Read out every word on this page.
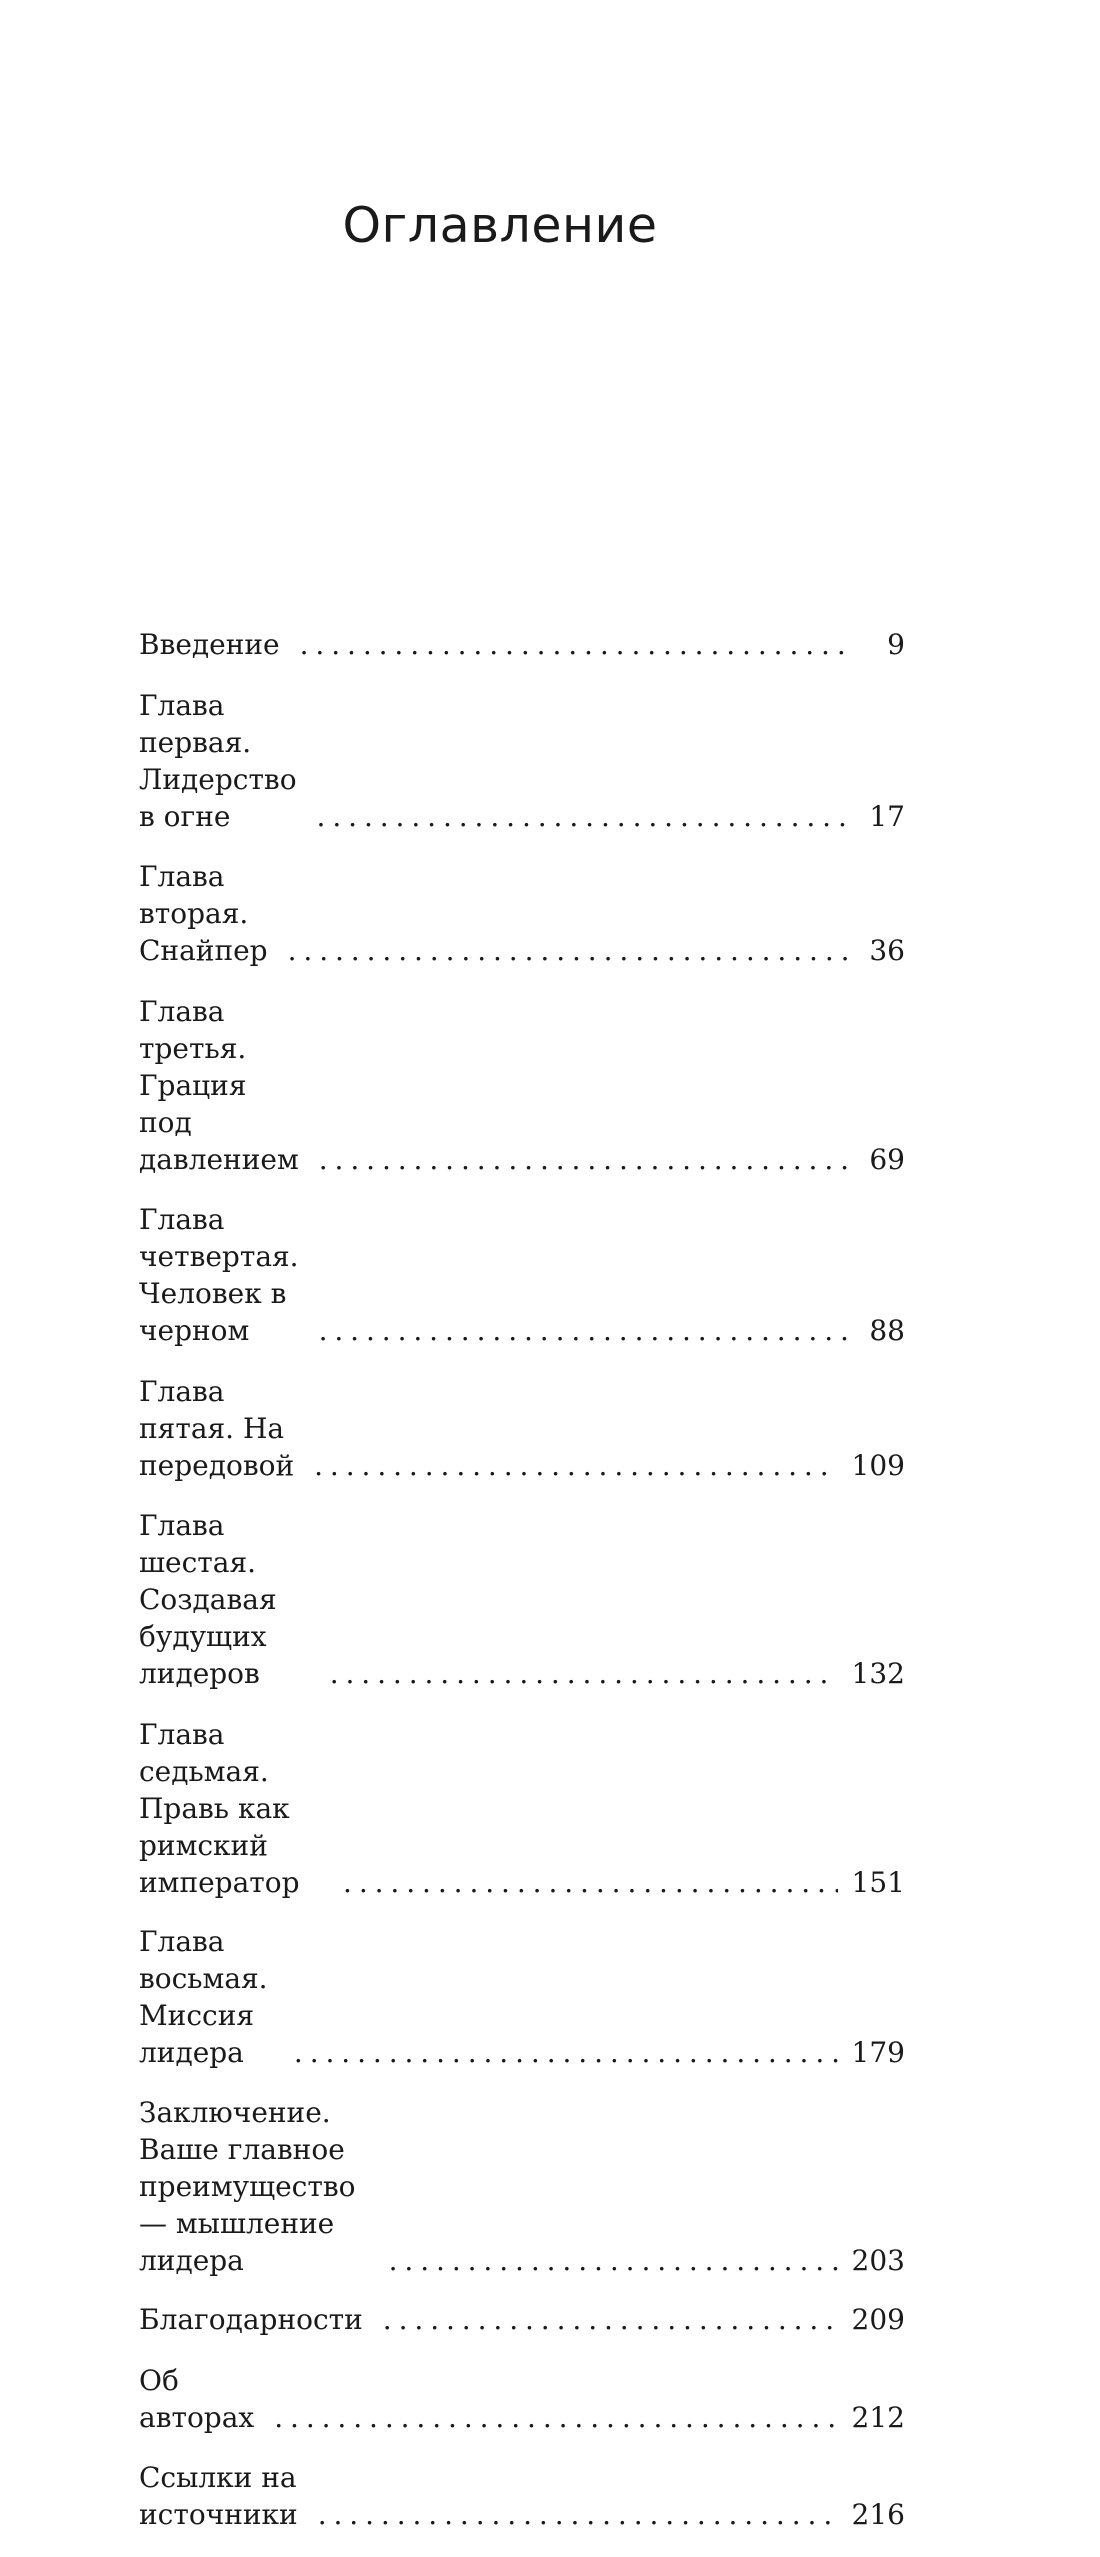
Оглавление
Введение . . .	9
Глава первая. Лидерство в огне . . .	17
Глава вторая. Снайпер . . .	36
Глава третья. Грация под давлением . . .	69
Глава четвертая. Человек в черном . . .	88
Глава пятая. На передовой . . .	109
Глава шестая. Создавая будущих лидеров . . .	132
Глава седьмая. Правь как римский император . . .	151
Глава восьмая. Миссия лидера . . .	179
Заключение. Ваше главное преимущество — мышление лидера . . .	203
Благодарности . . .	209
Об авторах . . .	212
Ссылки на источники . . .	216
